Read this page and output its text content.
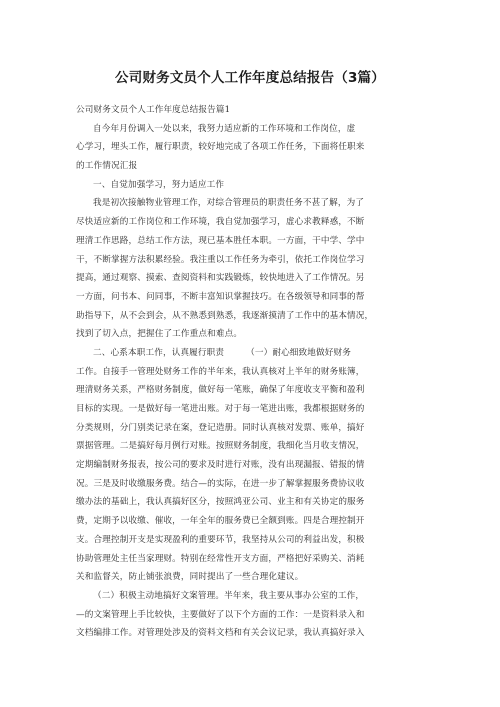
公司财务文员个人工作年度总结报告（3篇）
公司财务文员个人工作年度总结报告篇1
自今年月份调入一处以来，我努力适应新的工作环境和工作岗位，虚
心学习，埋头工作，履行职责，较好地完成了各项工作任务，下面将任职来
的工作情况汇报
一、自觉加强学习，努力适应工作
我是初次接触物业管理工作，对综合管理员的职责任务不甚了解，为了
尽快适应新的工作岗位和工作环境，我自觉加强学习，虚心求教释惑，不断
理清工作思路，总结工作方法，现已基本胜任本职。一方面，干中学、学中
干，不断掌握方法积累经验。我注重以工作任务为牵引，依托工作岗位学习
提高，通过观察、摸索、查阅资料和实践锻炼，较快地进入了工作情况。另
一方面，问书本、问同事，不断丰富知识掌握技巧。在各级领导和同事的帮
助指导下，从不会到会，从不熟悉到熟悉，我逐渐摸清了工作中的基本情况，
找到了切入点，把握住了工作重点和难点。
二、心系本职工作，认真履行职责　　　（一）耐心细致地做好财务
工作。自接手一管理处财务工作的半年来，我认真核对上半年的财务账簿，
理清财务关系，严格财务制度，做好每一笔账，确保了年度收支平衡和盈利
目标的实现。一是做好每一笔进出账。对于每一笔进出账，我都根据财务的
分类规则，分门别类记录在案，登记造册。同时认真核对发票、账单，搞好
票据管理。二是搞好每月例行对账。按照财务制度，我细化当月收支情况，
定期编制财务报表，按公司的要求及时进行对账，没有出现漏报、错报的情
况。三是及时收缴服务费。结合—的实际，在进一步了解掌握服务费协议收
缴办法的基础上，我认真搞好区分，按照鸿亚公司、业主和有关协定的服务
费，定期予以收缴、催收，一年全年的服务费已全额到账。四是合理控制开
支。合理控制开支是实现盈利的重要环节，我坚持从公司的利益出发，积极
协助管理处主任当家理财。特别在经常性开支方面，严格把好采购关、消耗
关和监督关，防止铺张浪费，同时提出了一些合理化建议。
（二）积极主动地搞好文案管理。半年来，我主要从事办公室的工作，
—的文案管理上手比较快，主要做好了以下个方面的工作：一是资料录入和
文档编排工作。对管理处涉及的资料文档和有关会议记录，我认真搞好录入
